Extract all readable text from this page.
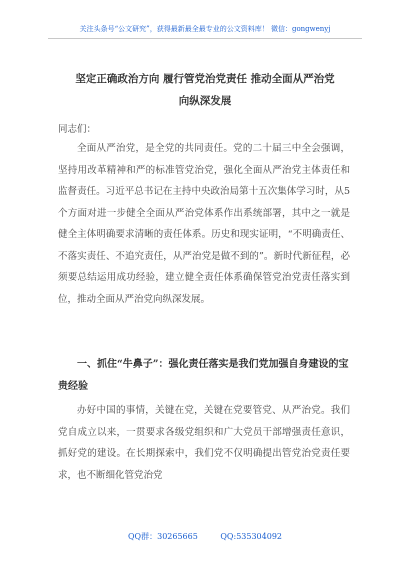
关注头条号“公文研究”，获得最新最全最专业的公文资料库！ 微信：gongwenyj
坚定正确政治方向 履行管党治党责任 推动全面从严治党
向纵深发展
同志们：
全面从严治党，是全党的共同责任。党的二十届三中全会强调，坚持用改革精神和严的标准管党治党，强化全面从严治党主体责任和监督责任。习近平总书记在主持中央政治局第十五次集体学习时，从5个方面对进一步健全全面从严治党体系作出系统部署，其中之一就是健全主体明确要求清晰的责任体系。历史和现实证明，“不明确责任、不落实责任、不追究责任，从严治党是做不到的”。新时代新征程，必须要总结运用成功经验，建立健全责任体系确保管党治党责任落实到位，推动全面从严治党向纵深发展。
一、抓住“牛鼻子”：强化责任落实是我们党加强自身建设的宝贵经验
办好中国的事情，关键在党，关键在党要管党、从严治党。我们党自成立以来，一贯要求各级党组织和广大党员干部增强责任意识，抓好党的建设。在长期探索中，我们党不仅明确提出管党治党责任要求，也不断细化管党治党
QQ群：30265665	QQ:535304092
